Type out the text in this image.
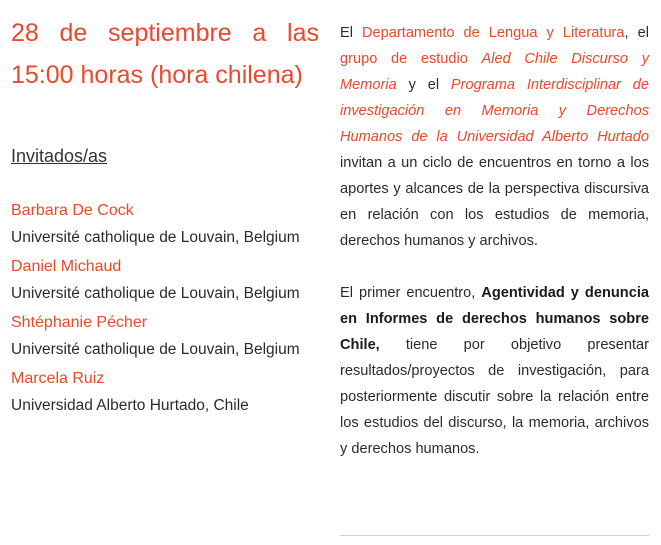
28 de septiembre a las 15:00 horas (hora chilena)

Invitados/as
Barbara De Cock
Université catholique de Louvain, Belgium
Daniel Michaud
Université catholique de Louvain, Belgium
Shtéphanie Pécher
Université catholique de Louvain, Belgium
Marcela Ruiz
Universidad Alberto Hurtado, Chile

El Departamento de Lengua y Literatura, el grupo de estudio Aled Chile Discurso y Memoria y el Programa Interdisciplinar de investigación en Memoria y Derechos Humanos de la Universidad Alberto Hurtado invitan a un ciclo de encuentros en torno a los aportes y alcances de la perspectiva discursiva en relación con los estudios de memoria, derechos humanos y archivos.

El primer encuentro, Agentividad y denuncia en Informes de derechos humanos sobre Chile, tiene por objetivo presentar resultados/proyectos de investigación, para posteriormente discutir sobre la relación entre los estudios del discurso, la memoria, archivos y derechos humanos.
